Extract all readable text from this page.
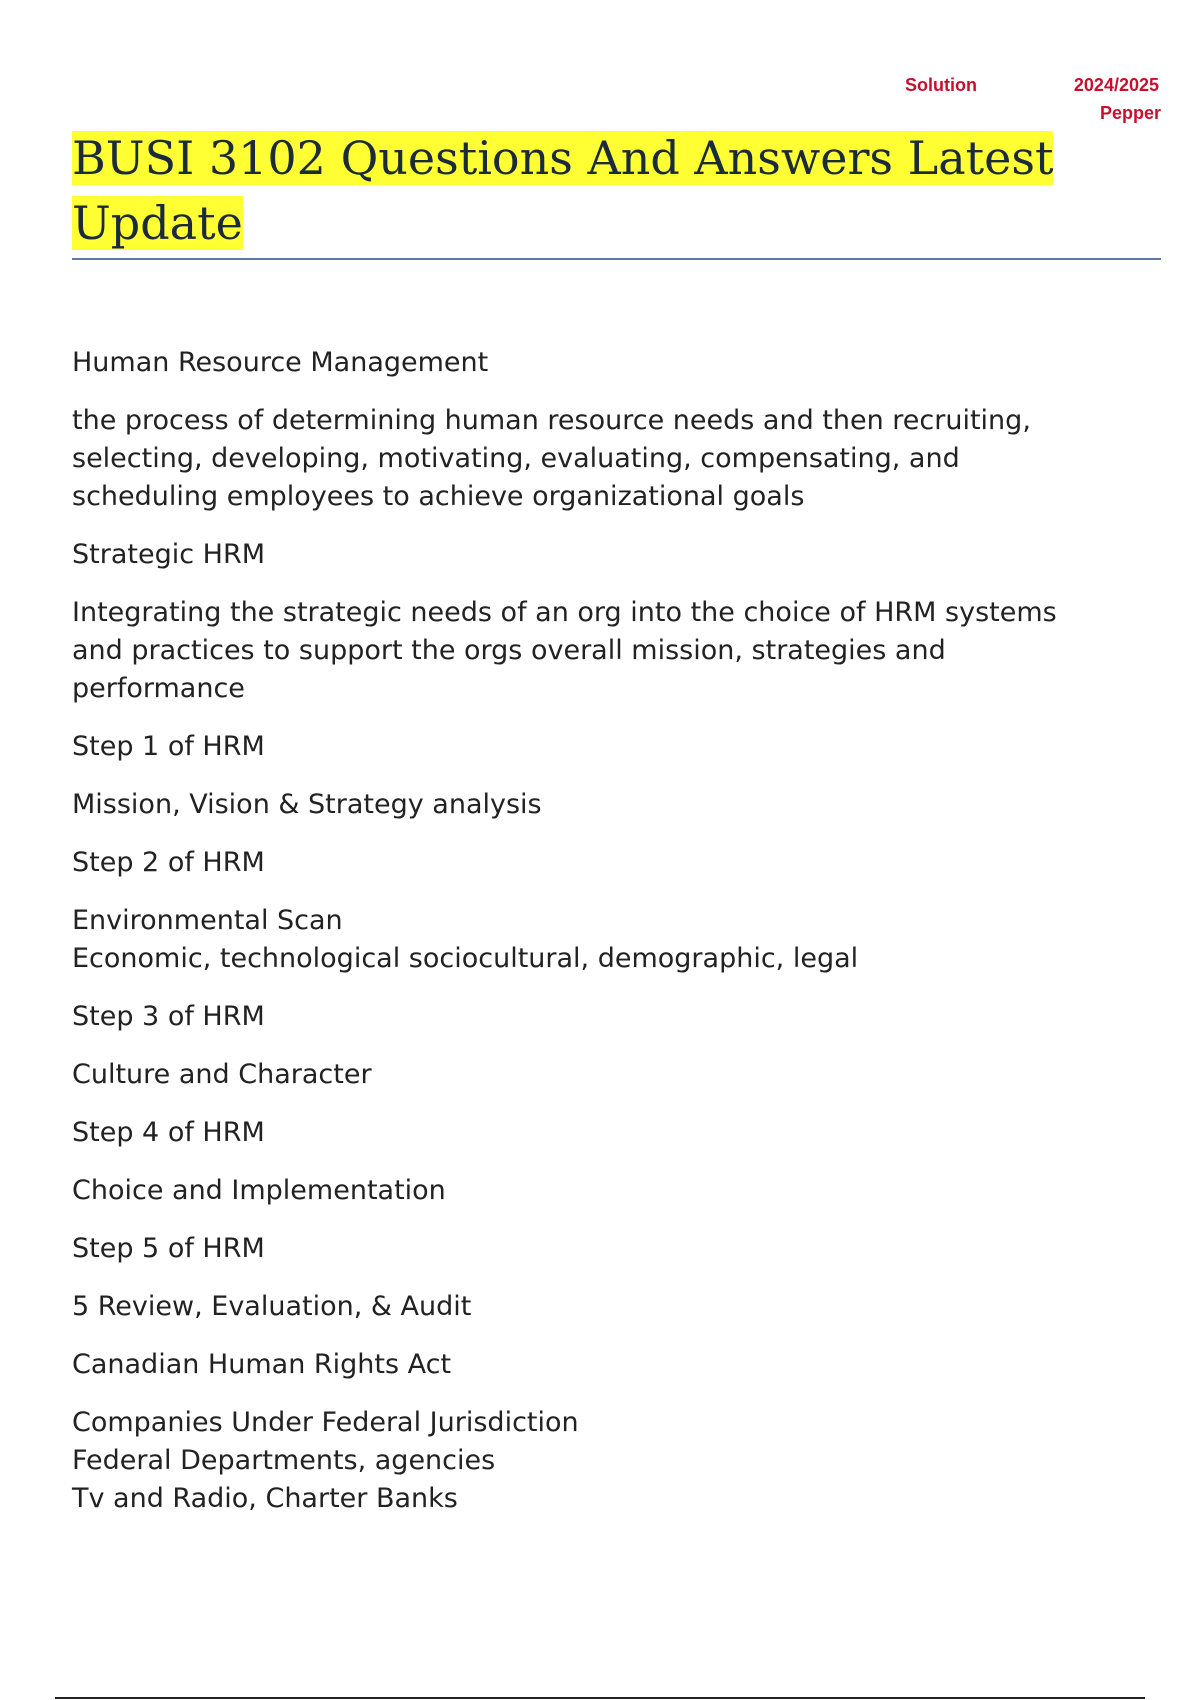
Solution	2024/2025
Pepper
BUSI 3102 Questions And Answers Latest Update

Human Resource Management

the process of determining human resource needs and then recruiting,
selecting, developing, motivating, evaluating, compensating, and
scheduling employees to achieve organizational goals

Strategic HRM

Integrating the strategic needs of an org into the choice of HRM systems
and practices to support the orgs overall mission, strategies and
performance

Step 1 of HRM

Mission, Vision & Strategy analysis

Step 2 of HRM

Environmental Scan
Economic, technological sociocultural, demographic, legal

Step 3 of HRM

Culture and Character

Step 4 of HRM

Choice and Implementation

Step 5 of HRM

5 Review, Evaluation, & Audit

Canadian Human Rights Act

Companies Under Federal Jurisdiction
Federal Departments, agencies
Tv and Radio, Charter Banks
